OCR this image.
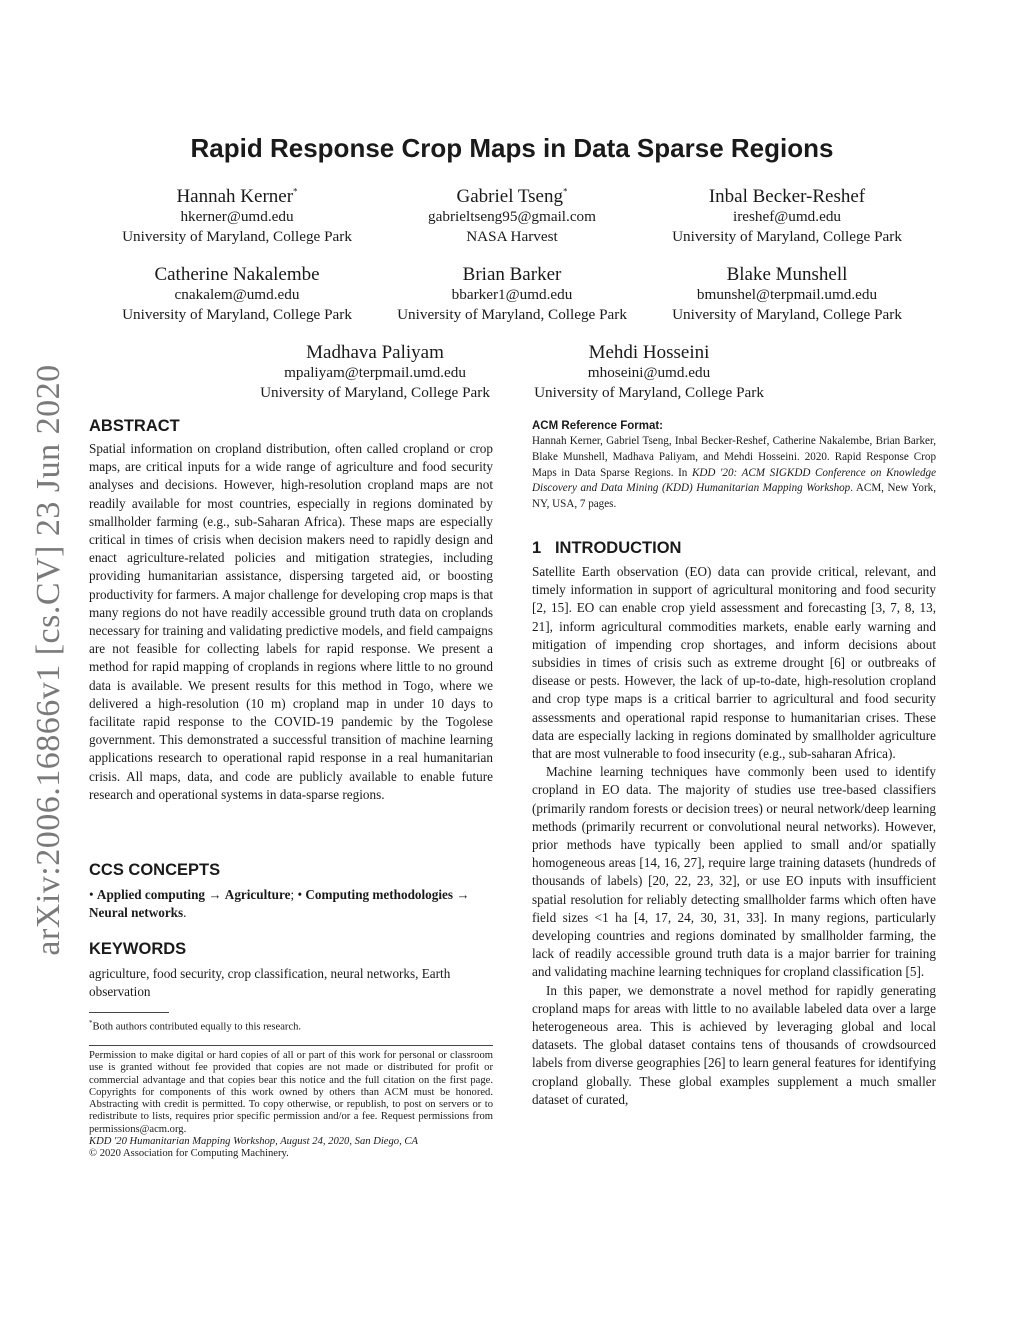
Rapid Response Crop Maps in Data Sparse Regions
Hannah Kerner*
hkerner@umd.edu
University of Maryland, College Park
Gabriel Tseng*
gabrieltseng95@gmail.com
NASA Harvest
Inbal Becker-Reshef
ireshef@umd.edu
University of Maryland, College Park
Catherine Nakalembe
cnakalem@umd.edu
University of Maryland, College Park
Brian Barker
bbarker1@umd.edu
University of Maryland, College Park
Blake Munshell
bmunshel@terpmail.umd.edu
University of Maryland, College Park
Madhava Paliyam
mpaliyam@terpmail.umd.edu
University of Maryland, College Park
Mehdi Hosseini
mhoseini@umd.edu
University of Maryland, College Park
arXiv:2006.16866v1 [cs.CV] 23 Jun 2020 ABSTRACT

Spatial information on cropland distribution, often called cropland or crop maps, are critical inputs for a wide range of agriculture and food security analyses and decisions. However, high-resolution cropland maps are not readily available for most countries, especially in regions dominated by smallholder farming (e.g., sub-Saharan Africa). These maps are especially critical in times of crisis when decision makers need to rapidly design and enact agriculture-related policies and mitigation strategies, including providing humanitarian assistance, dispersing targeted aid, or boosting productivity for farmers. A major challenge for developing crop maps is that many regions do not have readily accessible ground truth data on croplands necessary for training and validating predictive models, and field campaigns are not feasible for collecting labels for rapid response. We present a method for rapid mapping of croplands in regions where little to no ground data is available. We present results for this method in Togo, where we delivered a high-resolution (10 m) cropland map in under 10 days to facilitate rapid response to the COVID-19 pandemic by the Togolese government. This demonstrated a successful transition of machine learning applications research to operational rapid response in a real humanitarian crisis. All maps, data, and code are publicly available to enable future research and operational systems in data-sparse regions.

CCS CONCEPTS

• Applied computing → Agriculture; • Computing methodologies → Neural networks.

KEYWORDS

agriculture, food security, crop classification, neural networks, Earth observation

*Both authors contributed equally to this research.

Permission to make digital or hard copies of all or part of this work for personal or classroom use is granted without fee provided that copies are not made or distributed for profit or commercial advantage and that copies bear this notice and the full citation on the first page. Copyrights for components of this work owned by others than ACM must be honored. Abstracting with credit is permitted. To copy otherwise, or republish, to post on servers or to redistribute to lists, requires prior specific permission and/or a fee. Request permissions from permissions@acm.org.

KDD '20 Humanitarian Mapping Workshop, August 24, 2020, San Diego, CA

© 2020 Association for Computing Machinery.

ACM Reference Format:

Hannah Kerner, Gabriel Tseng, Inbal Becker-Reshef, Catherine Nakalembe, Brian Barker, Blake Munshell, Madhava Paliyam, and Mehdi Hosseini. 2020. Rapid Response Crop Maps in Data Sparse Regions. In KDD '20: ACM SIGKDD Conference on Knowledge Discovery and Data Mining (KDD) Humanitarian Mapping Workshop. ACM, New York, NY, USA, 7 pages.

1 INTRODUCTION

Satellite Earth observation (EO) data can provide critical, relevant, and timely information in support of agricultural monitoring and food security [2, 15]. EO can enable crop yield assessment and forecasting [3, 7, 8, 13, 21], inform agricultural commodities markets, enable early warning and mitigation of impending crop shortages, and inform decisions about subsidies in times of crisis such as extreme drought [6] or outbreaks of disease or pests. However, the lack of up-to-date, high-resolution cropland and crop type maps is a critical barrier to agricultural and food security assessments and operational rapid response to humanitarian crises. These data are especially lacking in regions dominated by smallholder agriculture that are most vulnerable to food insecurity (e.g., sub-saharan Africa).

Machine learning techniques have commonly been used to identify cropland in EO data. The majority of studies use tree-based classifiers (primarily random forests or decision trees) or neural network/deep learning methods (primarily recurrent or convolutional neural networks). However, prior methods have typically been applied to small and/or spatially homogeneous areas [14, 16, 27], require large training datasets (hundreds of thousands of labels) [20, 22, 23, 32], or use EO inputs with insufficient spatial resolution for reliably detecting smallholder farms which often have field sizes <1 ha [4, 17, 24, 30, 31, 33]. In many regions, particularly developing countries and regions dominated by smallholder farming, the lack of readily accessible ground truth data is a major barrier for training and validating machine learning techniques for cropland classification [5].

In this paper, we demonstrate a novel method for rapidly generating cropland maps for areas with little to no available labeled data over a large heterogeneous area. This is achieved by leveraging global and local datasets. The global dataset contains tens of thousands of crowdsourced labels from diverse geographies [26] to learn general features for identifying cropland globally. These global examples supplement a much smaller dataset of curated,
